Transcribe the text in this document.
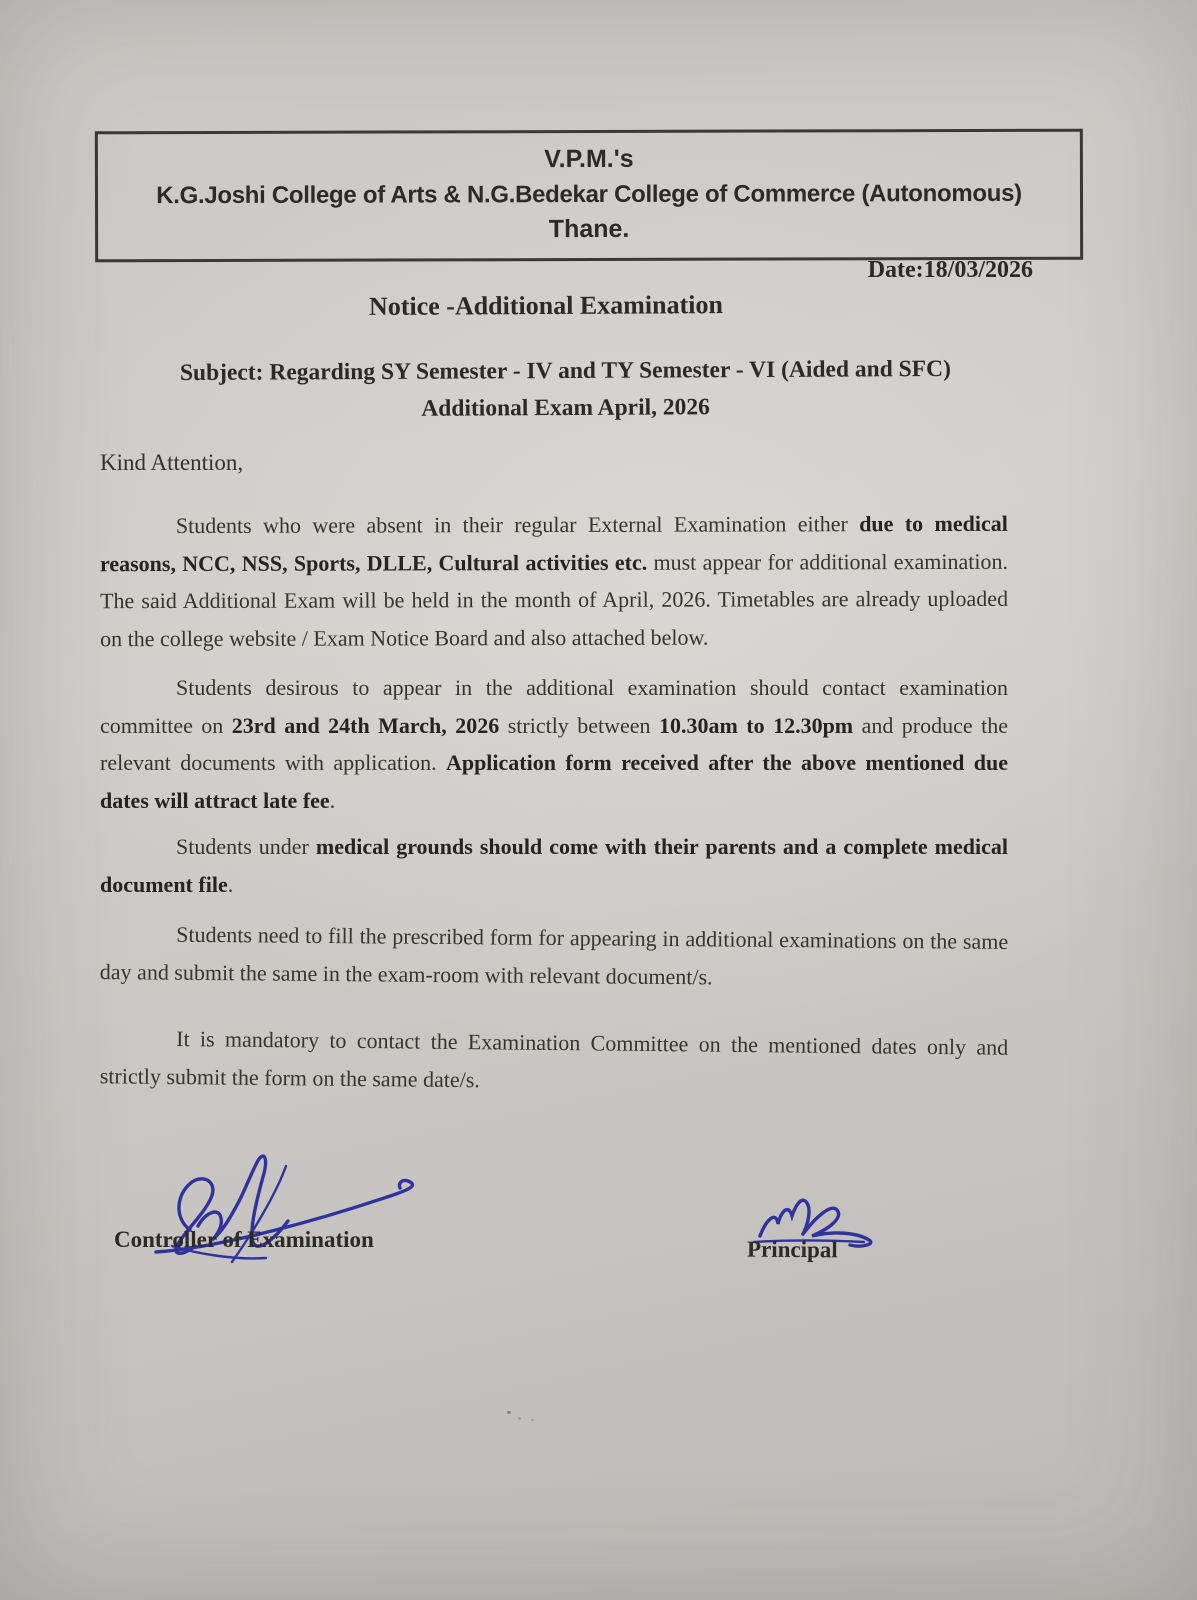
V.P.M.'s
K.G.Joshi College of Arts & N.G.Bedekar College of Commerce (Autonomous)
Thane.
Date:18/03/2026
Notice -Additional Examination
Subject: Regarding SY Semester - IV and TY Semester - VI (Aided and SFC)
Additional Exam April, 2026
Kind Attention,

Students who were absent in their regular External Examination either due to medical reasons, NCC, NSS, Sports, DLLE, Cultural activities etc. must appear for additional examination. The said Additional Exam will be held in the month of April, 2026. Timetables are already uploaded on the college website / Exam Notice Board and also attached below.

Students desirous to appear in the additional examination should contact examination committee on 23rd and 24th March, 2026 strictly between 10.30am to 12.30pm and produce the relevant documents with application. Application form received after the above mentioned due dates will attract late fee.

Students under medical grounds should come with their parents and a complete medical document file.

Students need to fill the prescribed form for appearing in additional examinations on the same day and submit the same in the exam-room with relevant document/s.

It is mandatory to contact the Examination Committee on the mentioned dates only and strictly submit the form on the same date/s.

Controller of Examination	Principal
